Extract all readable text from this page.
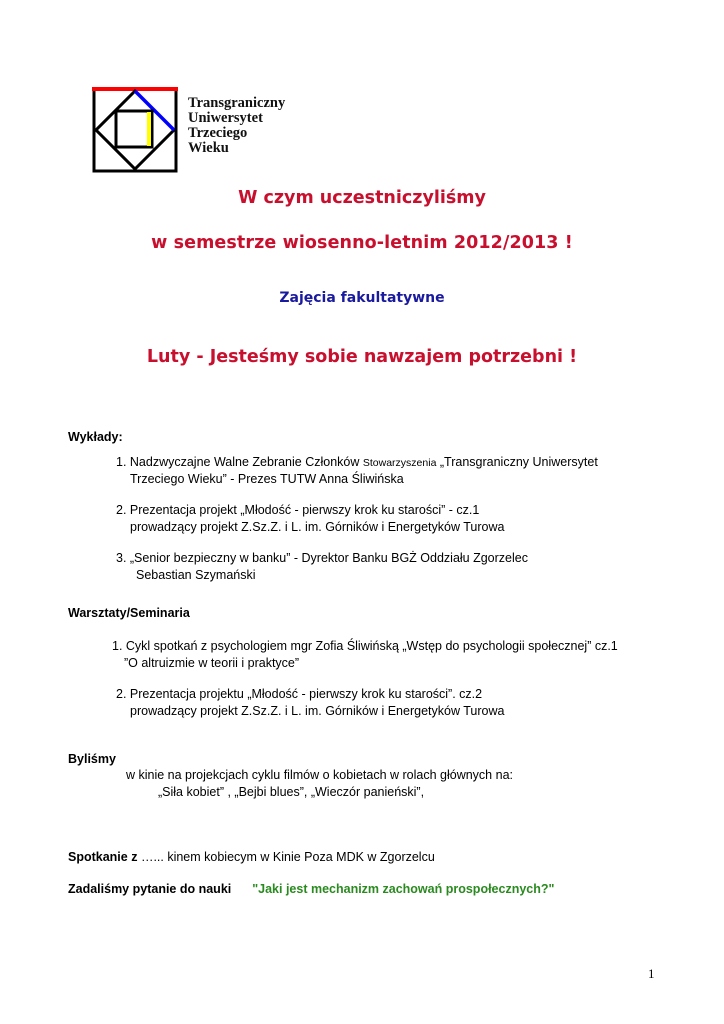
Transgraniczny
Uniwersytet
Trzeciego
Wieku
W czym uczestniczyliśmy
w semestrze wiosenno-letnim 2012/2013 !
Zajęcia fakultatywne
Luty - Jesteśmy sobie nawzajem potrzebni !
Wykłady:
1. Nadzwyczajne Walne Zebranie Członków Stowarzyszenia „Transgraniczny Uniwersytet
Trzeciego Wieku” - Prezes TUTW Anna Śliwińska
2. Prezentacja projekt „Młodość - pierwszy krok ku starości” - cz.1
prowadzący projekt Z.Sz.Z. i L. im. Górników i Energetyków Turowa
3. „Senior bezpieczny w banku” - Dyrektor Banku BGŻ Oddziału Zgorzelec
Sebastian Szymański
Warsztaty/Seminaria
1. Cykl spotkań z psychologiem mgr Zofia Śliwińską „Wstęp do psychologii społecznej” cz.1
”O altruizmie w teorii i praktyce”
2. Prezentacja projektu „Młodość - pierwszy krok ku starości”. cz.2
prowadzący projekt Z.Sz.Z. i L. im. Górników i Energetyków Turowa
Byliśmy
w kinie na projekcjach cyklu filmów o kobietach w rolach głównych na:
„Siła kobiet” , „Bejbi blues”, „Wieczór panieński”,
Spotkanie z …... kinem kobiecym w Kinie Poza MDK w Zgorzelcu
Zadaliśmy pytanie do nauki "Jaki jest mechanizm zachowań prospołecznych?"
1
